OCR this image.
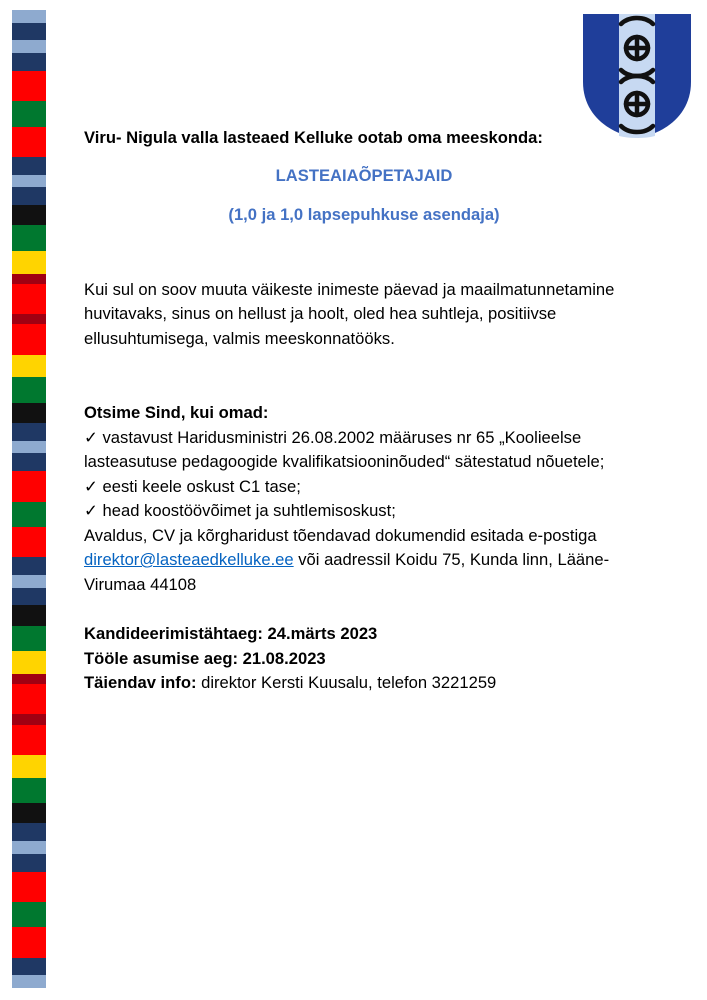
Viru- Nigula valla lasteaed Kelluke ootab oma meeskonda:

LASTEAIAÕPETAJAID

(1,0 ja 1,0 lapsepuhkuse asendaja)

Kui sul on soov muuta väikeste inimeste päevad ja maailmatunnetamine huvitavaks, sinus on hellust ja hoolt, oled hea suhtleja, positiivse ellusuhtumisega, valmis meeskonnatööks.

Otsime Sind, kui omad:

✓ vastavust Haridusministri 26.08.2002 määruses nr 65 „Koolieelse lasteasutuse pedagoogide kvalifikatsiooninõuded“ sätestatud nõuetele;

✓ eesti keele oskust C1 tase;

✓ head koostöövõimet ja suhtlemisoskust;

Avaldus, CV ja kõrgharidust tõendavad dokumendid esitada e-postiga direktor@lasteaedkelluke.ee või aadressil Koidu 75, Kunda linn, Lääne-Virumaa 44108

Kandideerimistähtaeg: 24.märts 2023

Tööle asumise aeg: 21.08.2023

Täiendav info: direktor Kersti Kuusalu, telefon 3221259
